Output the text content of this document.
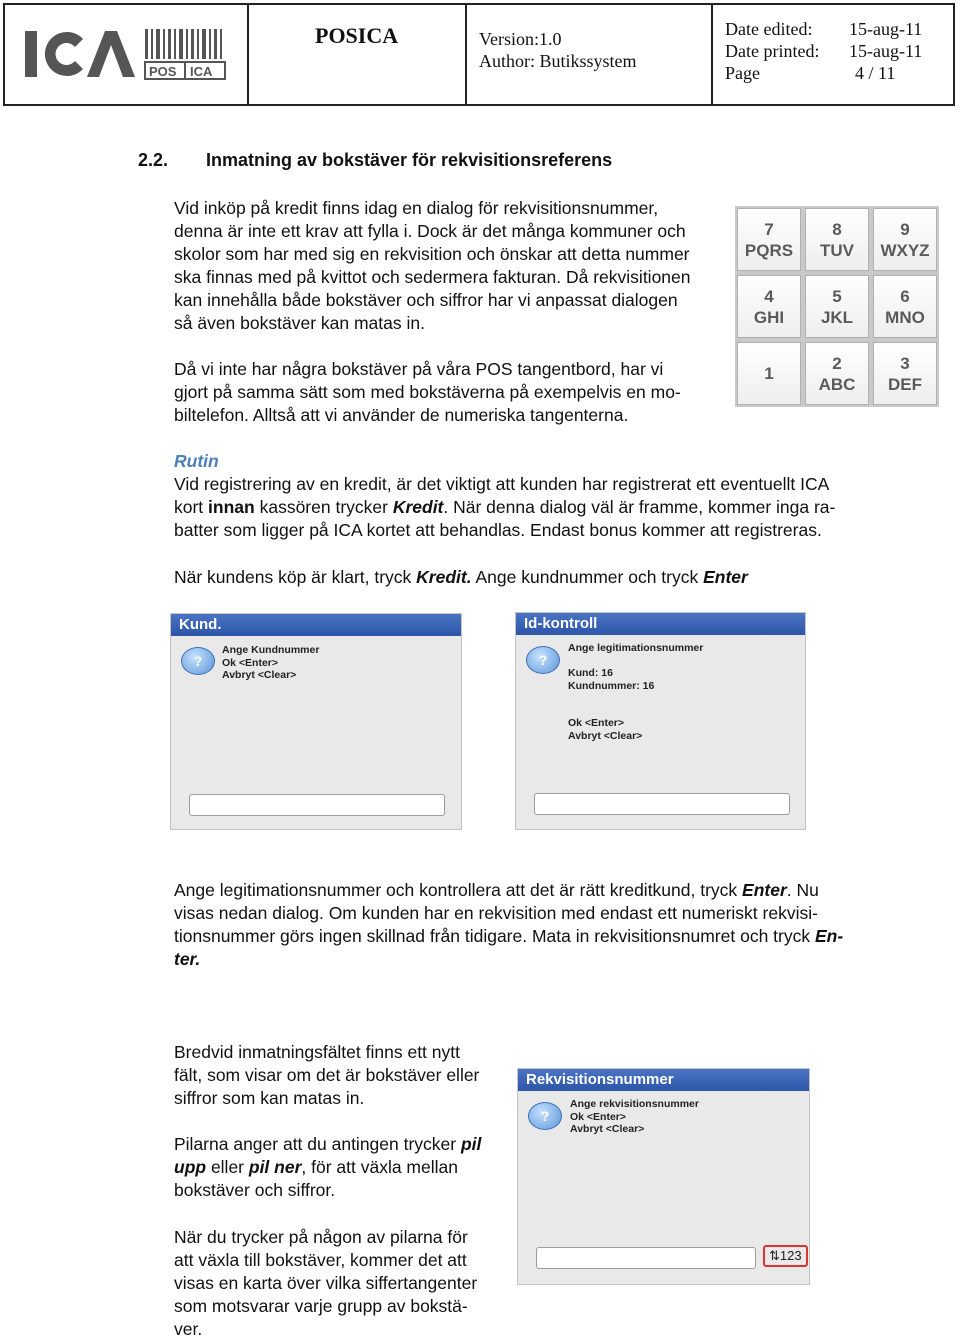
POS ICA
POSICA	Version:1.0
Author: Butikssystem
Date edited: 15-aug-11
Date printed: 15-aug-11
Page	4 / 11
2.2. Inmatning av bokstäver för rekvisitionsreferens
Vid inköp på kredit finns idag en dialog för rekvisitionsnummer,
denna är inte ett krav att fylla i. Dock är det många kommuner och
skolor som har med sig en rekvisition och önskar att detta nummer
ska finnas med på kvittot och sedermera fakturan. Då rekvisitionen
kan innehålla både bokstäver och siffror har vi anpassat dialogen
så även bokstäver kan matas in.
Då vi inte har några bokstäver på våra POS tangentbord, har vi
gjort på samma sätt som med bokstäverna på exempelvis en mo-
biltelefon. Alltså att vi använder de numeriska tangenterna.
7
PQRS
8
TUV
9
WXYZ
4
GHI
5
JKL
6
MNO
1
2
ABC
3
DEF
Rutin
Vid registrering av en kredit, är det viktigt att kunden har registrerat ett eventuellt ICA
kort innan kassören trycker Kredit. När denna dialog väl är framme, kommer inga ra-
batter som ligger på ICA kortet att behandlas. Endast bonus kommer att registreras.
När kundens köp är klart, tryck Kredit. Ange kundnummer och tryck Enter
Kund.
?
Ange Kundnummer
Ok <Enter>
Avbryt <Clear>
Id-kontroll
?
Ange legitimationsnummer

Kund: 16
Kundnummer: 16

Ok <Enter>
Avbryt <Clear>
Ange legitimationsnummer och kontrollera att det är rätt kreditkund, tryck Enter. Nu
visas nedan dialog. Om kunden har en rekvisition med endast ett numeriskt rekvisi-
tionsnummer görs ingen skillnad från tidigare. Mata in rekvisitionsnumret och tryck En-
ter.
Bredvid inmatningsfältet finns ett nytt
fält, som visar om det är bokstäver eller
siffror som kan matas in.
Pilarna anger att du antingen trycker pil
upp eller pil ner, för att växla mellan
bokstäver och siffror.
När du trycker på någon av pilarna för
att växla till bokstäver, kommer det att
visas en karta över vilka siffertangenter
som motsvarar varje grupp av bokstä-
ver.
Rekvisitionsnummer
?
Ange rekvisitionsnummer
Ok <Enter>
Avbryt <Clear>
⇅123
